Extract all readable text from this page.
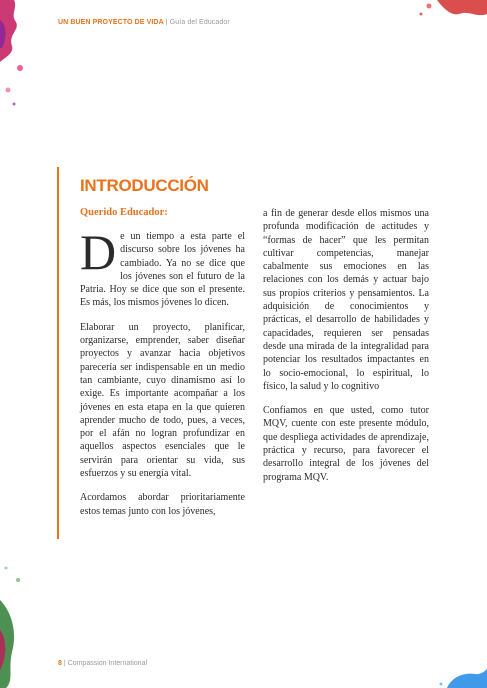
UN BUEN PROYECTO DE VIDA | Guía del Educador
INTRODUCCIÓN
Querido Educador:

De un tiempo a esta parte el discurso sobre los jóvenes ha cambiado. Ya no se dice que los jóvenes son el futuro de la Patria. Hoy se dice que son el presente. Es más, los mismos jóvenes lo dicen.

Elaborar un proyecto, planificar, organizarse, emprender, saber diseñar proyectos y avanzar hacia objetivos parecería ser indispensable en un medio tan cambiante, cuyo dinamismo así lo exige. Es importante acompañar a los jóvenes en esta etapa en la que quieren aprender mucho de todo, pues, a veces, por el afán no logran profundizar en aquellos aspectos esenciales que le servirán para orientar su vida, sus esfuerzos y su energía vital.

Acordamos abordar prioritariamente estos temas junto con los jóvenes,

a fin de generar desde ellos mismos una profunda modificación de actitudes y “formas de hacer” que les permitan cultivar competencias, manejar cabalmente sus emociones en las relaciones con los demás y actuar bajo sus propios criterios y pensamientos. La adquisición de conocimientos y prácticas, el desarrollo de habilidades y capacidades, requieren ser pensadas desde una mirada de la integralidad para potenciar los resultados impactantes en lo socio-emocional, lo espiritual, lo físico, la salud y lo cognitivo

Confiamos en que usted, como tutor MQV, cuente con este presente módulo, que despliega actividades de aprendizaje, práctica y recurso, para favorecer el desarrollo integral de los jóvenes del programa MQV.

8 | Compassion International
